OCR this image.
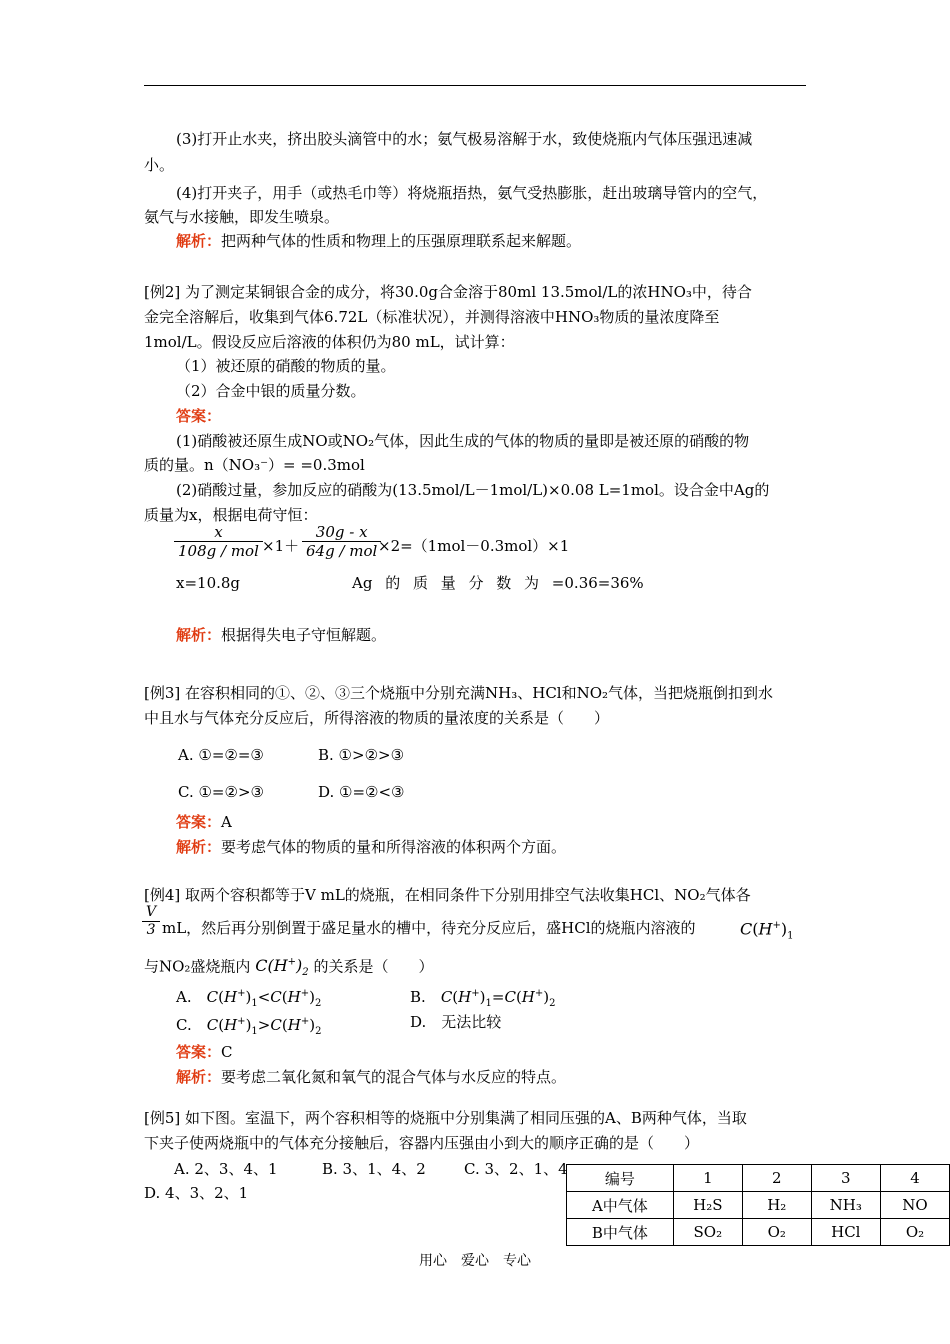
(3)打开止水夹，挤出胶头滴管中的水；氨气极易溶解于水，致使烧瓶内气体压强迅速减
小。
(4)打开夹子，用手（或热毛巾等）将烧瓶捂热，氨气受热膨胀，赶出玻璃导管内的空气，
氨气与水接触，即发生喷泉。
解析：把两种气体的性质和物理上的压强原理联系起来解题。
[例2] 为了测定某铜银合金的成分，将30.0g合金溶于80ml 13.5mol/L的浓HNO₃中，待合
金完全溶解后，收集到气体6.72L（标准状况），并测得溶液中HNO₃物质的量浓度降至
1mol/L。假设反应后溶液的体积仍为80 mL，试计算：
（1）被还原的硝酸的物质的量。
（2）合金中银的质量分数。
答案：
(1)硝酸被还原生成NO或NO₂气体，因此生成的气体的物质的量即是被还原的硝酸的物
质的量。n（NO₃⁻）= =0.3mol
(2)硝酸过量，参加反应的硝酸为(13.5mol/L－1mol/L)×0.08 L=1mol。设合金中Ag的
质量为x，根据电荷守恒：
x
108g / mol ×1＋
30g - x
64g / mol ×2=（1mol－0.3mol）×1
x=10.8g	Ag 的 质 量 分 数 为 =0.36=36%
解析：根据得失电子守恒解题。
[例3] 在容积相同的①、②、③三个烧瓶中分别充满NH₃、HCl和NO₂气体，当把烧瓶倒扣到水
中且水与气体充分反应后，所得溶液的物质的量浓度的关系是（　　）
A. ①=②=③	B. ①>②>③
C. ①=②>③	D. ①=②<③
答案：A
解析：要考虑气体的物质的量和所得溶液的体积两个方面。
[例4] 取两个容积都等于V mL的烧瓶，在相同条件下分别用排空气法收集HCl、NO₂气体各
V
3 mL，然后再分别倒置于盛足量水的槽中，待充分反应后，盛HCl的烧瓶内溶液的	$C(H^+)_1$
与NO₂盛烧瓶内 $C(H^+)_2$ 的关系是（　　）
A.　 $C(H^+)_1<C(H^+)_2$	B.　 $C(H^+)_1=C(H^+)_2$
C.　 $C(H^+)_1>C(H^+)_2$
D.　无法比较
答案：C
解析：要考虑二氧化氮和氧气的混合气体与水反应的特点。
[例5] 如下图。室温下，两个容积相等的烧瓶中分别集满了相同压强的A、B两种气体，当取
下夹子使两烧瓶中的气体充分接触后，容器内压强由小到大的顺序正确的是（　　）
A. 2、3、4、1	B. 3、1、4、2	C. 3、2、1、4
D. 4、3、2、1
编号	1	2	3	4
A中气体	H₂S	H₂	NH₃	NO
B中气体	SO₂	O₂	HCl	O₂
用心　爱心　专心
